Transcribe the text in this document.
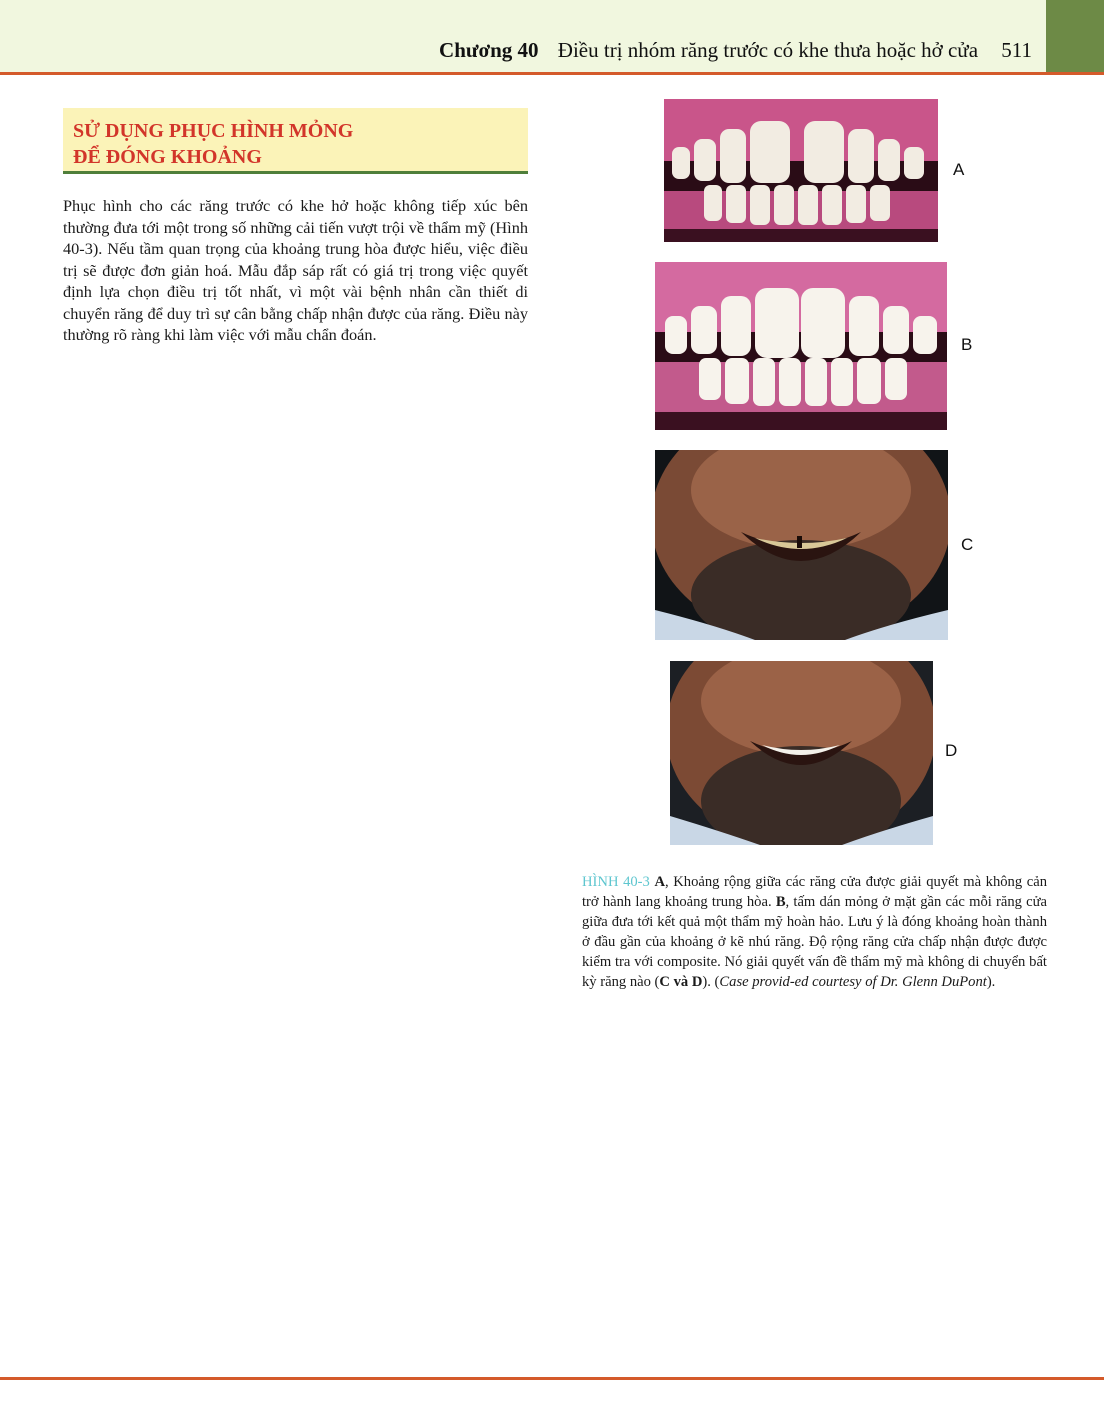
Chương 40 Điều trị nhóm răng trước có khe thưa hoặc hở cửa 511
SỬ DỤNG PHỤC HÌNH MỎNG
ĐỂ ĐÓNG KHOẢNG

Phục hình cho các răng trước có khe hở hoặc không tiếp xúc bên thường đưa tới một trong số những cải tiến vượt trội về thẩm mỹ (Hình 40-3). Nếu tầm quan trọng của khoảng trung hòa được hiểu, việc điều trị sẽ được đơn giản hoá. Mẫu đắp sáp rất có giá trị trong việc quyết định lựa chọn điều trị tốt nhất, vì một vài bệnh nhân cần thiết di chuyển răng để duy trì sự cân bằng chấp nhận được của răng. Điều này thường rõ ràng khi làm việc với mẫu chẩn đoán.

A
B
C
D

HÌNH 40-3 A, Khoảng rộng giữa các răng cửa được giải quyết mà không cản trở hành lang khoảng trung hòa. B, tấm dán mỏng ở mặt gần các mỗi răng cửa giữa đưa tới kết quả một thẩm mỹ hoàn hảo. Lưu ý là đóng khoảng hoàn thành ở đầu gần của khoảng ở kẽ nhú răng. Độ rộng răng cửa chấp nhận được được kiểm tra với composite. Nó giải quyết vấn đề thẩm mỹ mà không di chuyển bất kỳ răng nào (C và D). (Case provid-ed courtesy of Dr. Glenn DuPont).
